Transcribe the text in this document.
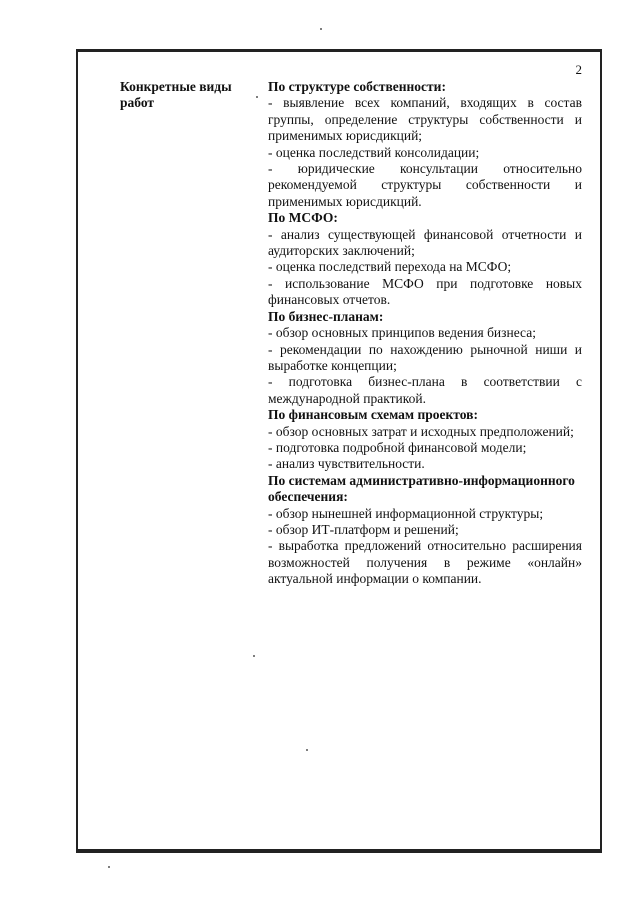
2
Конкретные виды работ

По структуре собственности:

- выявление всех компаний, входящих в состав группы, определение структуры собственности и применимых юрисдикций;

- оценка последствий консолидации;

- юридические консультации относительно рекомендуемой структуры собственности и применимых юрисдикций.

По МСФО:

- анализ существующей финансовой отчетности и аудиторских заключений;

- оценка последствий перехода на МСФО;

- использование МСФО при подготовке новых финансовых отчетов.

По бизнес-планам:

- обзор основных принципов ведения бизнеса;

- рекомендации по нахождению рыночной ниши и выработке концепции;

- подготовка бизнес-плана в соответствии с международной практикой.

По финансовым схемам проектов:

- обзор основных затрат и исходных предположений;

- подготовка подробной финансовой модели;

- анализ чувствительности.

По системам административно-информационного обеспечения:

- обзор нынешней информационной структуры;

- обзор ИТ-платформ и решений;

- выработка предложений относительно расширения возможностей получения в режиме «онлайн» актуальной информации о компании.
